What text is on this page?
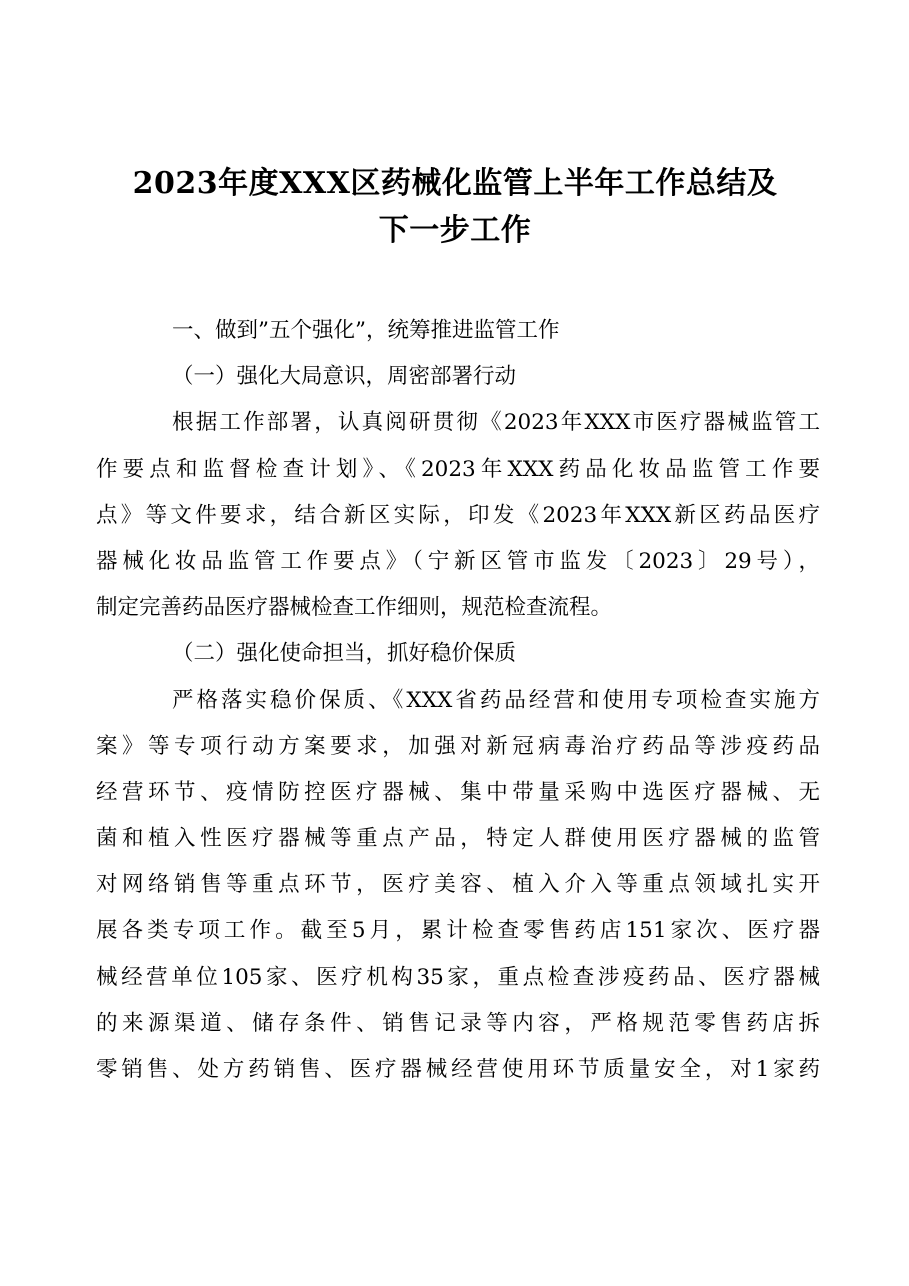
2023年度XXX区药械化监管上半年工作总结及
下一步工作
一、做到”五个强化”，统筹推进监管工作
（一）强化大局意识，周密部署行动
根据工作部署，认真阅研贯彻《2023年XXX市医疗器械监管工
作要点和监督检查计划》、《2023年XXX药品化妆品监管工作要
点》等文件要求，结合新区实际，印发《2023年XXX新区药品医疗
器械化妆品监管工作要点》（宁新区管市监发〔2023〕29号），
制定完善药品医疗器械检查工作细则，规范检查流程。
（二）强化使命担当，抓好稳价保质
严格落实稳价保质、《XXX省药品经营和使用专项检查实施方
案》等专项行动方案要求，加强对新冠病毒治疗药品等涉疫药品
经营环节、疫情防控医疗器械、集中带量采购中选医疗器械、无
菌和植入性医疗器械等重点产品，特定人群使用医疗器械的监管
对网络销售等重点环节，医疗美容、植入介入等重点领域扎实开
展各类专项工作。截至5月，累计检查零售药店151家次、医疗器
械经营单位105家、医疗机构35家，重点检查涉疫药品、医疗器械
的来源渠道、储存条件、销售记录等内容，严格规范零售药店拆
零销售、处方药销售、医疗器械经营使用环节质量安全，对1家药
